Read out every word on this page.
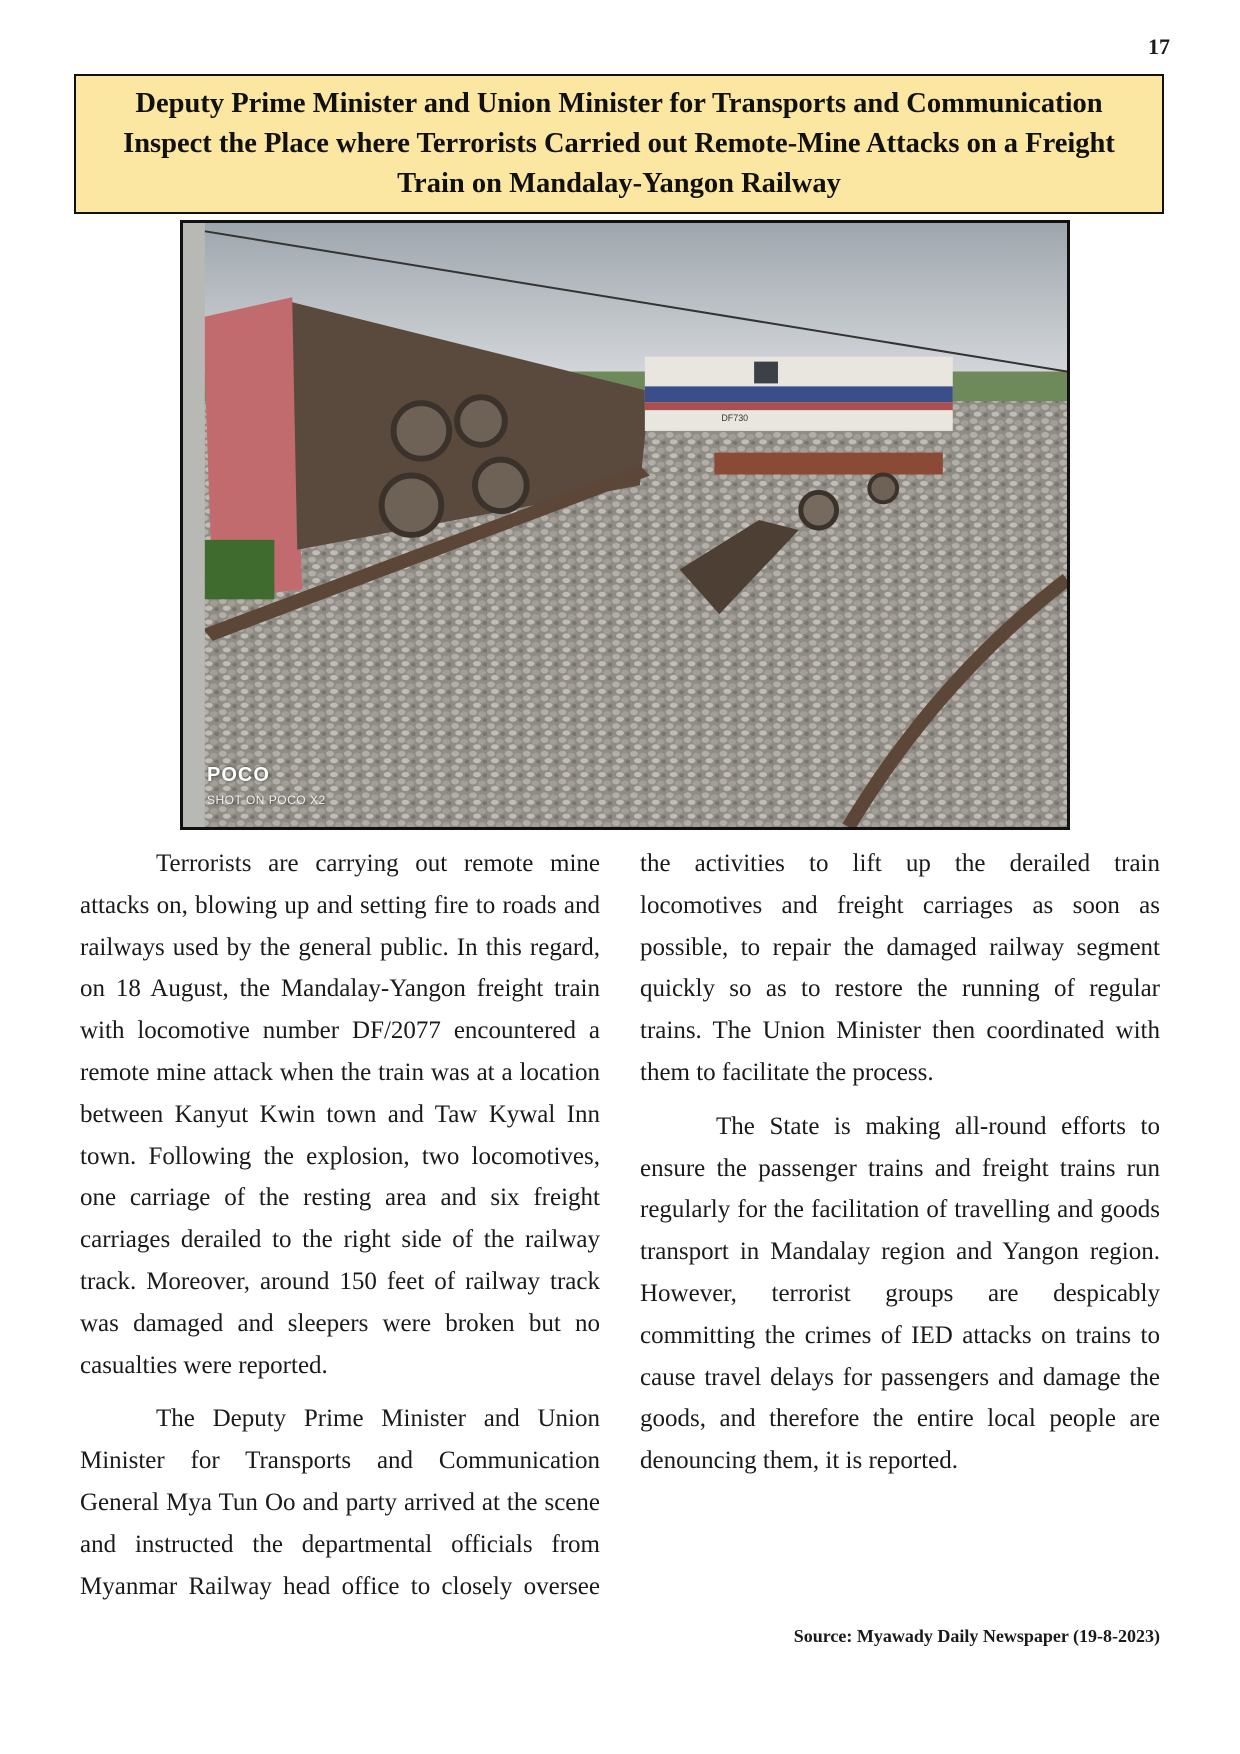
17
Deputy Prime Minister and Union Minister for Transports and Communication Inspect the Place where Terrorists Carried out Remote-Mine Attacks on a Freight Train on Mandalay-Yangon Railway
DF730
POCO
SHOT ON POCO X2

Terrorists are carrying out remote mine attacks on, blowing up and setting fire to roads and railways used by the general public. In this regard, on 18 August, the Mandalay-Yangon freight train with locomotive number DF/2077 encountered a remote mine attack when the train was at a location between Kanyut Kwin town and Taw Kywal Inn town. Following the explosion, two locomotives, one carriage of the resting area and six freight carriages derailed to the right side of the railway track. Moreover, around 150 feet of railway track was damaged and sleepers were broken but no casualties were reported.

The Deputy Prime Minister and Union Minister for Transports and Communication General Mya Tun Oo and party arrived at the scene and instructed the departmental officials from Myanmar Railway head office to closely oversee

the activities to lift up the derailed train locomotives and freight carriages as soon as possible, to repair the damaged railway segment quickly so as to restore the running of regular trains. The Union Minister then coordinated with them to facilitate the process.

The State is making all-round efforts to ensure the passenger trains and freight trains run regularly for the facilitation of travelling and goods transport in Mandalay region and Yangon region. However, terrorist groups are despicably committing the crimes of IED attacks on trains to cause travel delays for passengers and damage the goods, and therefore the entire local people are denouncing them, it is reported.

Source: Myawady Daily Newspaper (19-8-2023)
